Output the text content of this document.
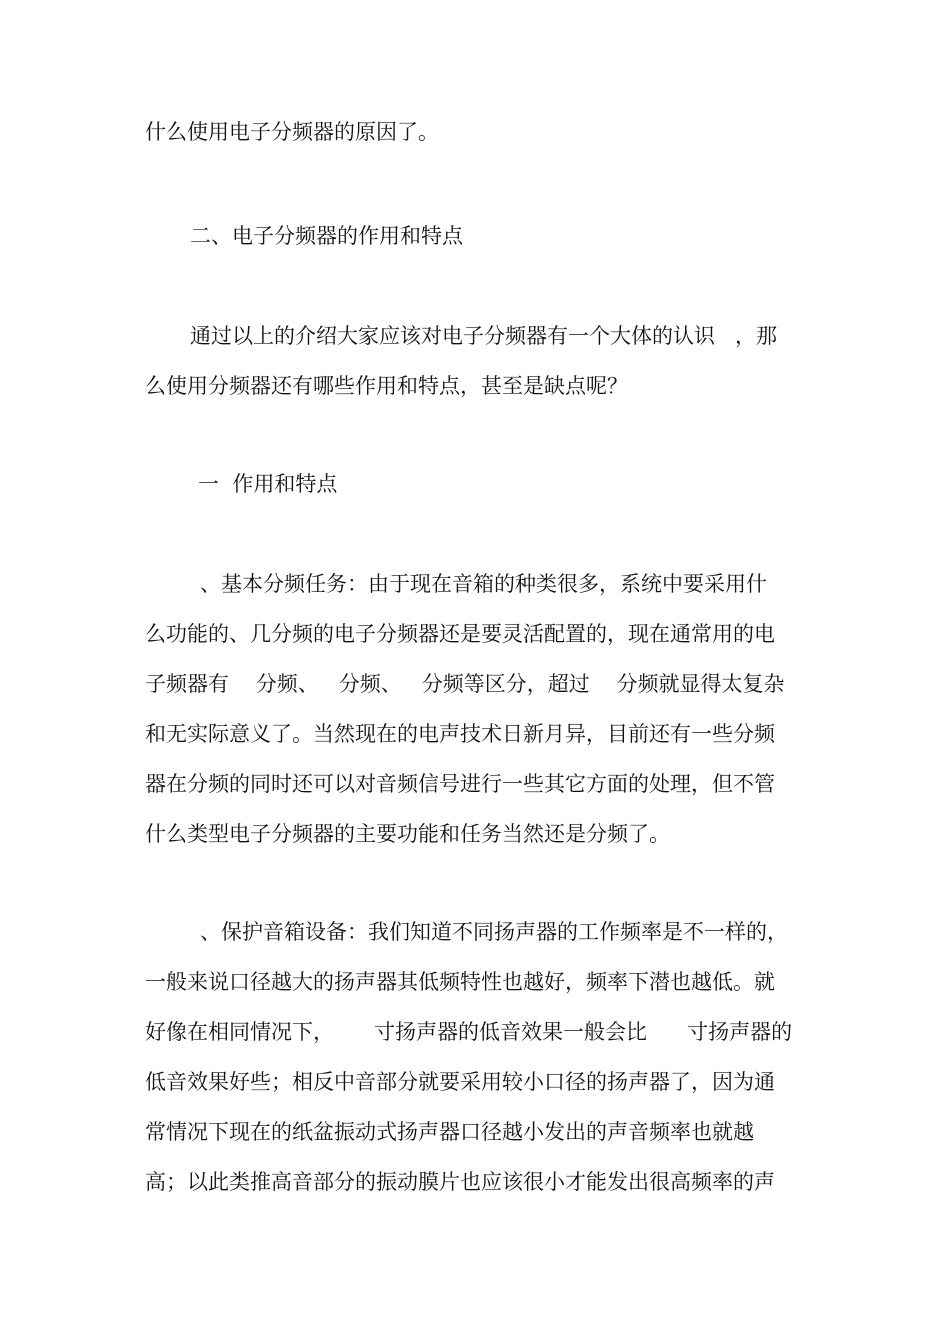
什么使用电子分频器的原因了。

二、电子分频器的作用和特点

通过以上的介绍大家应该对电子分频器有一个大体的认识   ，那

么使用分频器还有哪些作用和特点，甚至是缺点呢？

一  作用和特点

、基本分频任务：由于现在音箱的种类很多，系统中要采用什

么功能的、几分频的电子分频器还是要灵活配置的，现在通常用的电

子频器有    分频、   分频、   分频等区分，超过    分频就显得太复杂

和无实际意义了。当然现在的电声技术日新月异，目前还有一些分频

器在分频的同时还可以对音频信号进行一些其它方面的处理，但不管

什么类型电子分频器的主要功能和任务当然还是分频了。

、保护音箱设备：我们知道不同扬声器的工作频率是不一样的，

一般来说口径越大的扬声器其低频特性也越好，频率下潜也越低。就

好像在相同情况下，      寸扬声器的低音效果一般会比      寸扬声器的

低音效果好些；相反中音部分就要采用较小口径的扬声器了，因为通

常情况下现在的纸盆振动式扬声器口径越小发出的声音频率也就越

高；以此类推高音部分的振动膜片也应该很小才能发出很高频率的声
